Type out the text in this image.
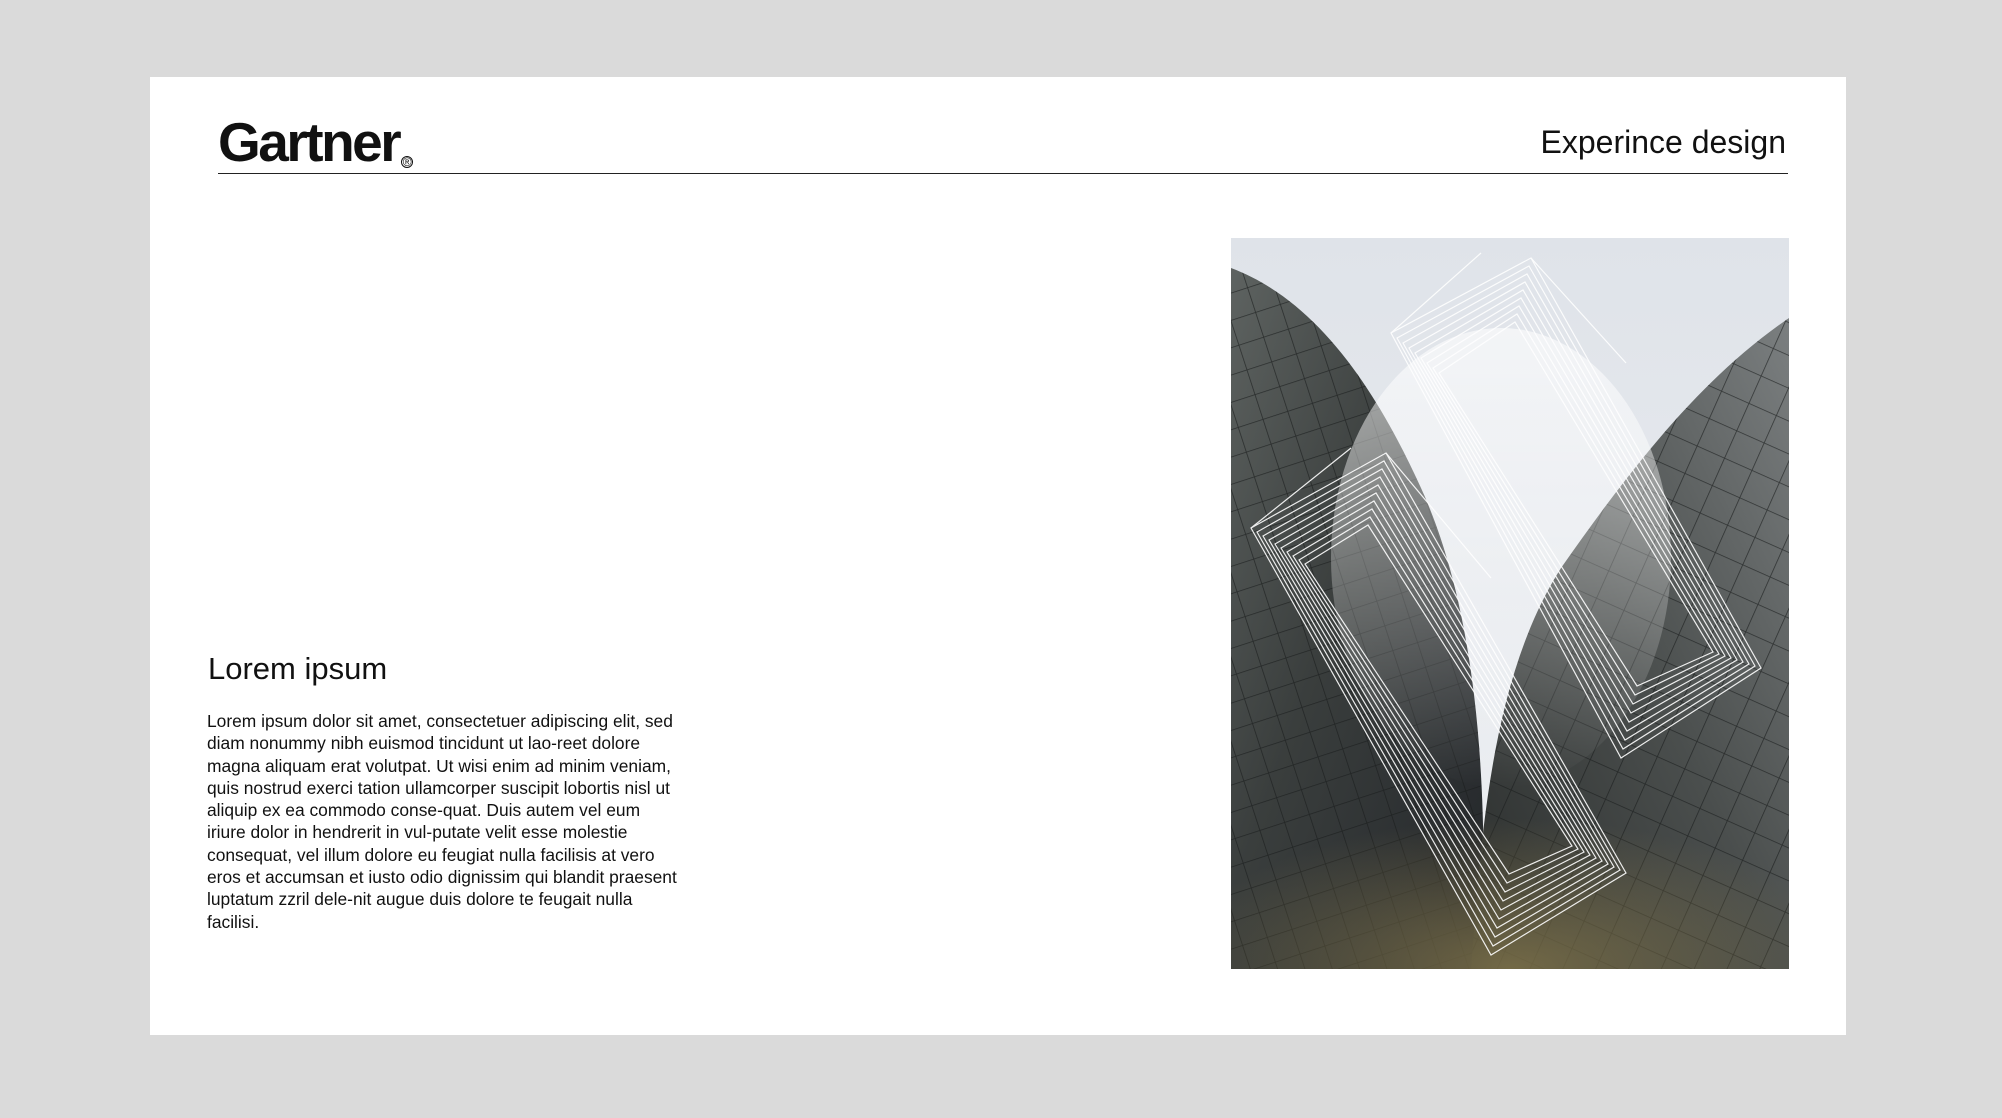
Gartner ®
Experince design
Lorem ipsum

Lorem ipsum dolor sit amet, consectetuer adipiscing elit, sed diam nonummy nibh euismod tincidunt ut lao-reet dolore magna aliquam erat volutpat. Ut wisi enim ad minim veniam, quis nostrud exerci tation ullamcorper suscipit lobortis nisl ut aliquip ex ea commodo conse-quat. Duis autem vel eum iriure dolor in hendrerit in vul-putate velit esse molestie consequat, vel illum dolore eu feugiat nulla facilisis at vero eros et accumsan et iusto odio dignissim qui blandit praesent luptatum zzril dele-nit augue duis dolore te feugait nulla facilisi.
